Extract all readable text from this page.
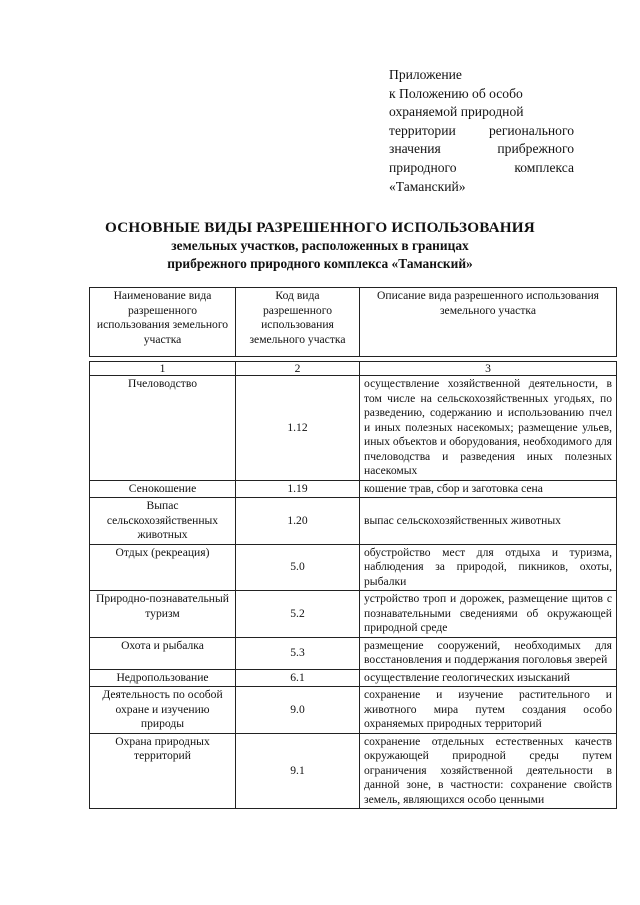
Приложение
к Положению об особо
охраняемой природной
территории регионального
значения прибрежного
природного комплекса
«Таманский»
ОСНОВНЫЕ ВИДЫ РАЗРЕШЕННОГО ИСПОЛЬЗОВАНИЯ
земельных участков, расположенных в границах
прибрежного природного комплекса «Таманский»
Наименование вида разрешенного использования земельного участка	Код вида разрешенного использования земельного участка	Описание вида разрешенного использования земельного участка

1	2	3
Пчеловодство	1.12	осуществление хозяйственной деятельности, в том числе на сельскохозяйственных угодьях, по разведению, содержанию и использованию пчел и иных полезных насекомых; размещение ульев, иных объектов и оборудования, необходимого для пчеловодства и разведения иных полезных насекомых
Сенокошение	1.19	кошение трав, сбор и заготовка сена
Выпас сельскохозяйственных животных	1.20	выпас сельскохозяйственных животных
Отдых (рекреация)	5.0	обустройство мест для отдыха и туризма, наблюдения за природой, пикников, охоты, рыбалки
Природно-познавательный туризм	5.2	устройство троп и дорожек, размещение щитов с познавательными сведениями об окружающей природной среде
Охота и рыбалка	5.3	размещение сооружений, необходимых для восстановления и поддержания поголовья зверей
Недропользование	6.1	осуществление геологических изысканий
Деятельность по особой охране и изучению природы	9.0	сохранение и изучение растительного и животного мира путем создания особо охраняемых природных территорий
Охрана природных территорий	9.1	сохранение отдельных естественных качеств окружающей природной среды путем ограничения хозяйственной деятельности в данной зоне, в частности: сохранение свойств земель, являющихся особо ценными
